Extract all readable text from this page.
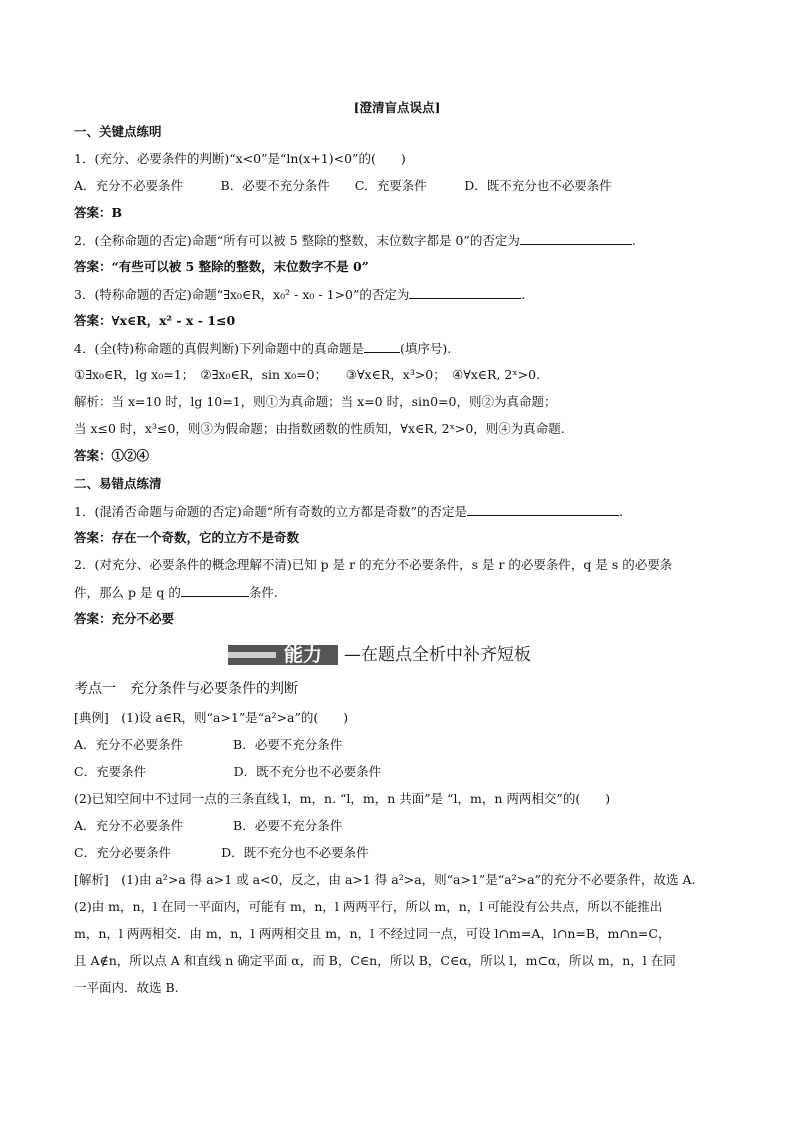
[澄清盲点误点]
一、关键点练明
1．(充分、必要条件的判断)“x<0”是“ln(x+1)<0”的(　　)
A．充分不必要条件　　　B．必要不充分条件　　C．充要条件　　　D．既不充分也不必要条件
答案：B
2．(全称命题的否定)命题“所有可以被 5 整除的整数，末位数字都是 0”的否定为	.
答案：“有些可以被 5 整除的整数，末位数字不是 0”
3．(特称命题的否定)命题“∃x₀∈R，x₀² - x₀ - 1>0”的否定为	.
答案：∀x∈R，x² - x - 1≤0
4．(全(特)称命题的真假判断)下列命题中的真命题是	(填序号).
①∃x₀∈R，lg x₀=1；　②∃x₀∈R，sin x₀=0；　　③∀x∈R，x³>0；　④∀x∈R, 2ˣ>0.
解析：当 x=10 时，lg 10=1，则①为真命题；当 x=0 时，sin0=0，则②为真命题；
当 x≤0 时，x³≤0，则③为假命题；由指数函数的性质知，∀x∈R, 2ˣ>0，则④为真命题.
答案：①②④
二、易错点练清
1．(混淆否命题与命题的否定)命题“所有奇数的立方都是奇数”的否定是	.
答案：存在一个奇数，它的立方不是奇数
2．(对充分、必要条件的概念理解不清)已知 p 是 r 的充分不必要条件，s 是 r 的必要条件，q 是 s 的必要条
件，那么 p 是 q 的	条件.
答案：充分不必要
能力	—在题点全析中补齐短板
考点一　充分条件与必要条件的判断
[典例]　(1)设 a∈R，则“a>1”是“a²>a”的(　　)
A．充分不必要条件　　　　B．必要不充分条件
C．充要条件　　　　　　　D．既不充分也不必要条件
(2)已知空间中不过同一点的三条直线 l，m，n. “l，m，n 共面”是 “l，m，n 两两相交”的(　　)
A．充分不必要条件　　　　B．必要不充分条件
C．充分必要条件　　　　D．既不充分也不必要条件
[解析]　(1)由 a²>a 得 a>1 或 a<0，反之，由 a>1 得 a²>a，则“a>1”是“a²>a”的充分不必要条件，故选 A.
(2)由 m，n，l 在同一平面内，可能有 m，n，l 两两平行，所以 m，n，l 可能没有公共点，所以不能推出
m，n，l 两两相交．由 m，n，l 两两相交且 m，n，l 不经过同一点，可设 l∩m=A，l∩n=B，m∩n=C，
且 A∉n，所以点 A 和直线 n 确定平面 α，而 B，C∈n，所以 B，C∈α，所以 l，m⊂α，所以 m，n，l 在同
一平面内．故选 B.
